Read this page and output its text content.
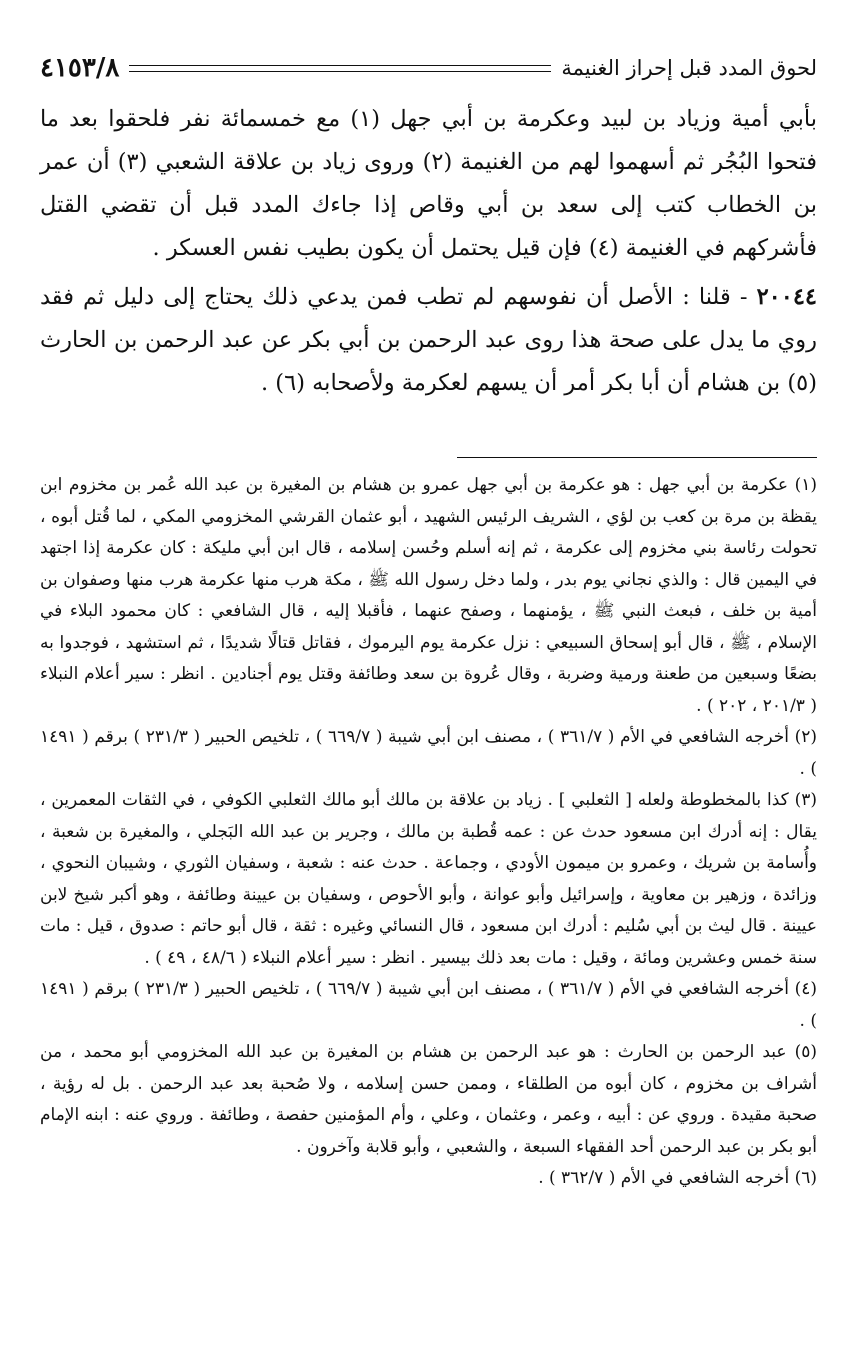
لحوق المدد قبل إحراز الغنيمة
٤١٥٣/٨

بأبي أمية وزياد بن لبيد وعكرمة بن أبي جهل (١) مع خمسمائة نفر فلحقوا بعد ما فتحوا البُجُر ثم أسهموا لهم من الغنيمة (٢) وروى زياد بن علاقة الشعبي (٣) أن عمر بن الخطاب كتب إلى سعد بن أبي وقاص إذا جاءك المدد قبل أن تقضي القتل فأشركهم في الغنيمة (٤) فإن قيل يحتمل أن يكون بطيب نفس العسكر .

٢٠٠٤٤ - قلنا : الأصل أن نفوسهم لم تطب فمن يدعي ذلك يحتاج إلى دليل ثم فقد روي ما يدل على صحة هذا روى عبد الرحمن بن أبي بكر عن عبد الرحمن بن الحارث (٥) بن هشام أن أبا بكر أمر أن يسهم لعكرمة ولأصحابه (٦) .

(١) عكرمة بن أبي جهل : هو عكرمة بن أبي جهل عمرو بن هشام بن المغيرة بن عبد الله عُمر بن مخزوم ابن يقظة بن مرة بن كعب بن لؤي ، الشريف الرئيس الشهيد ، أبو عثمان القرشي المخزومي المكي ، لما قُتل أبوه ، تحولت رئاسة بني مخزوم إلى عكرمة ، ثم إنه أسلم وحُسن إسلامه ، قال ابن أبي مليكة : كان عكرمة إذا اجتهد في اليمين قال : والذي نجاني يوم بدر ، ولما دخل رسول الله ﷺ ، مكة هرب منها عكرمة هرب منها وصفوان بن أمية بن خلف ، فبعث النبي ﷺ ، يؤمنهما ، وصفح عنهما ، فأقبلا إليه ، قال الشافعي : كان محمود البلاء في الإسلام ، ﷺ ، قال أبو إسحاق السبيعي : نزل عكرمة يوم اليرموك ، فقاتل قتالًا شديدًا ، ثم استشهد ، فوجدوا به بضعًا وسبعين من طعنة ورمية وضربة ، وقال عُروة بن سعد وطائفة وقتل يوم أجنادين . انظر : سير أعلام النبلاء ( ٢٠١/٣ ، ٢٠٢ ) .

(٢) أخرجه الشافعي في الأم ( ٣٦١/٧ ) ، مصنف ابن أبي شيبة ( ٦٦٩/٧ ) ، تلخيص الحبير ( ٢٣١/٣ ) برقم ( ١٤٩١ ) .

(٣) كذا بالمخطوطة ولعله [ الثعلبي ] . زياد بن علاقة بن مالك أبو مالك الثعلبي الكوفي ، في الثقات المعمرين ، يقال : إنه أدرك ابن مسعود حدث عن : عمه قُطبة بن مالك ، وجرير بن عبد الله البَجلي ، والمغيرة بن شعبة ، وأُسامة بن شريك ، وعمرو بن ميمون الأودي ، وجماعة . حدث عنه : شعبة ، وسفيان الثوري ، وشيبان النحوي ، وزائدة ، وزهير بن معاوية ، وإسرائيل وأبو عوانة ، وأبو الأحوص ، وسفيان بن عيينة وطائفة ، وهو أكبر شيخ لابن عيينة . قال ليث بن أبي سُليم : أدرك ابن مسعود ، قال النسائي وغيره : ثقة ، قال أبو حاتم : صدوق ، قيل : مات سنة خمس وعشرين ومائة ، وقيل : مات بعد ذلك بيسير . انظر : سير أعلام النبلاء ( ٤٨/٦ ، ٤٩ ) .

(٤) أخرجه الشافعي في الأم ( ٣٦١/٧ ) ، مصنف ابن أبي شيبة ( ٦٦٩/٧ ) ، تلخيص الحبير ( ٢٣١/٣ ) برقم ( ١٤٩١ ) .

(٥) عبد الرحمن بن الحارث : هو عبد الرحمن بن هشام بن المغيرة بن عبد الله المخزومي أبو محمد ، من أشراف بن مخزوم ، كان أبوه من الطلقاء ، وممن حسن إسلامه ، ولا صُحبة بعد عبد الرحمن . بل له رؤية ، صحبة مقيدة . وروي عن : أبيه ، وعمر ، وعثمان ، وعلي ، وأم المؤمنين حفصة ، وطائفة . وروي عنه : ابنه الإمام أبو بكر بن عبد الرحمن أحد الفقهاء السبعة ، والشعبي ، وأبو قلابة وآخرون .

(٦) أخرجه الشافعي في الأم ( ٣٦٢/٧ ) .
